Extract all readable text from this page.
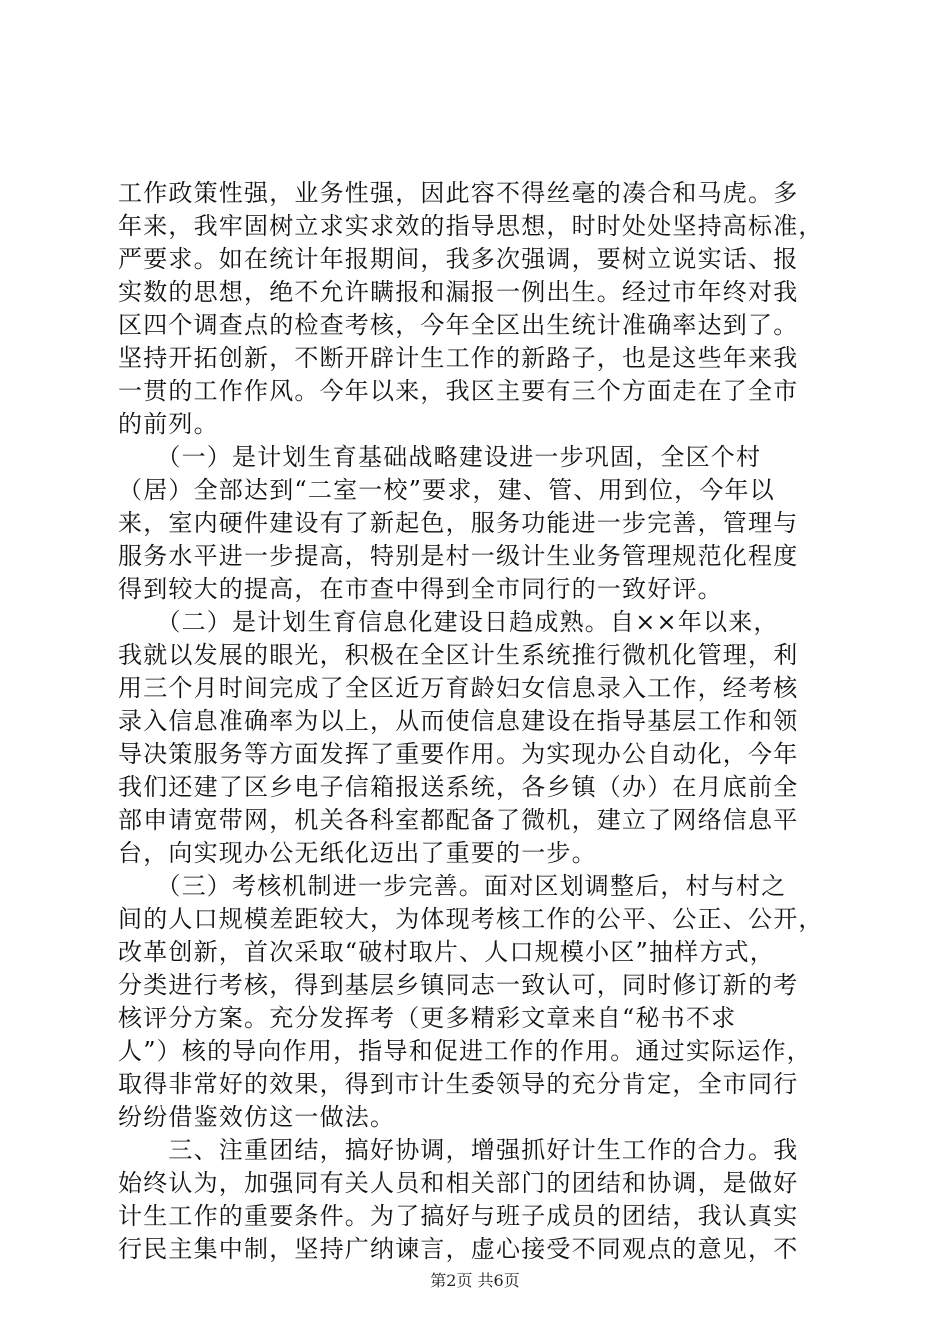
工作政策性强，业务性强，因此容不得丝毫的凑合和马虎。多
年来，我牢固树立求实求效的指导思想，时时处处坚持高标准，
严要求。如在统计年报期间，我多次强调，要树立说实话、报
实数的思想，绝不允许瞒报和漏报一例出生。经过市年终对我
区四个调查点的检查考核，今年全区出生统计准确率达到了。
坚持开拓创新，不断开辟计生工作的新路子，也是这些年来我
一贯的工作作风。今年以来，我区主要有三个方面走在了全市
的前列。
　　（一）是计划生育基础战略建设进一步巩固，全区个村
（居）全部达到“二室一校”要求，建、管、用到位，今年以
来，室内硬件建设有了新起色，服务功能进一步完善，管理与
服务水平进一步提高，特别是村一级计生业务管理规范化程度
得到较大的提高，在市查中得到全市同行的一致好评。
　　（二）是计划生育信息化建设日趋成熟。自××年以来，
我就以发展的眼光，积极在全区计生系统推行微机化管理，利
用三个月时间完成了全区近万育龄妇女信息录入工作，经考核
录入信息准确率为以上，从而使信息建设在指导基层工作和领
导决策服务等方面发挥了重要作用。为实现办公自动化，今年
我们还建了区乡电子信箱报送系统，各乡镇（办）在月底前全
部申请宽带网，机关各科室都配备了微机，建立了网络信息平
台，向实现办公无纸化迈出了重要的一步。
　　（三）考核机制进一步完善。面对区划调整后，村与村之
间的人口规模差距较大，为体现考核工作的公平、公正、公开，
改革创新，首次采取“破村取片、人口规模小区”抽样方式，
分类进行考核，得到基层乡镇同志一致认可，同时修订新的考
核评分方案。充分发挥考（更多精彩文章来自“秘书不求
人”）核的导向作用，指导和促进工作的作用。通过实际运作，
取得非常好的效果，得到市计生委领导的充分肯定，全市同行
纷纷借鉴效仿这一做法。
　　三、注重团结，搞好协调，增强抓好计生工作的合力。我
始终认为，加强同有关人员和相关部门的团结和协调，是做好
计生工作的重要条件。为了搞好与班子成员的团结，我认真实
行民主集中制，坚持广纳谏言，虚心接受不同观点的意见，不
第2页 共6页
